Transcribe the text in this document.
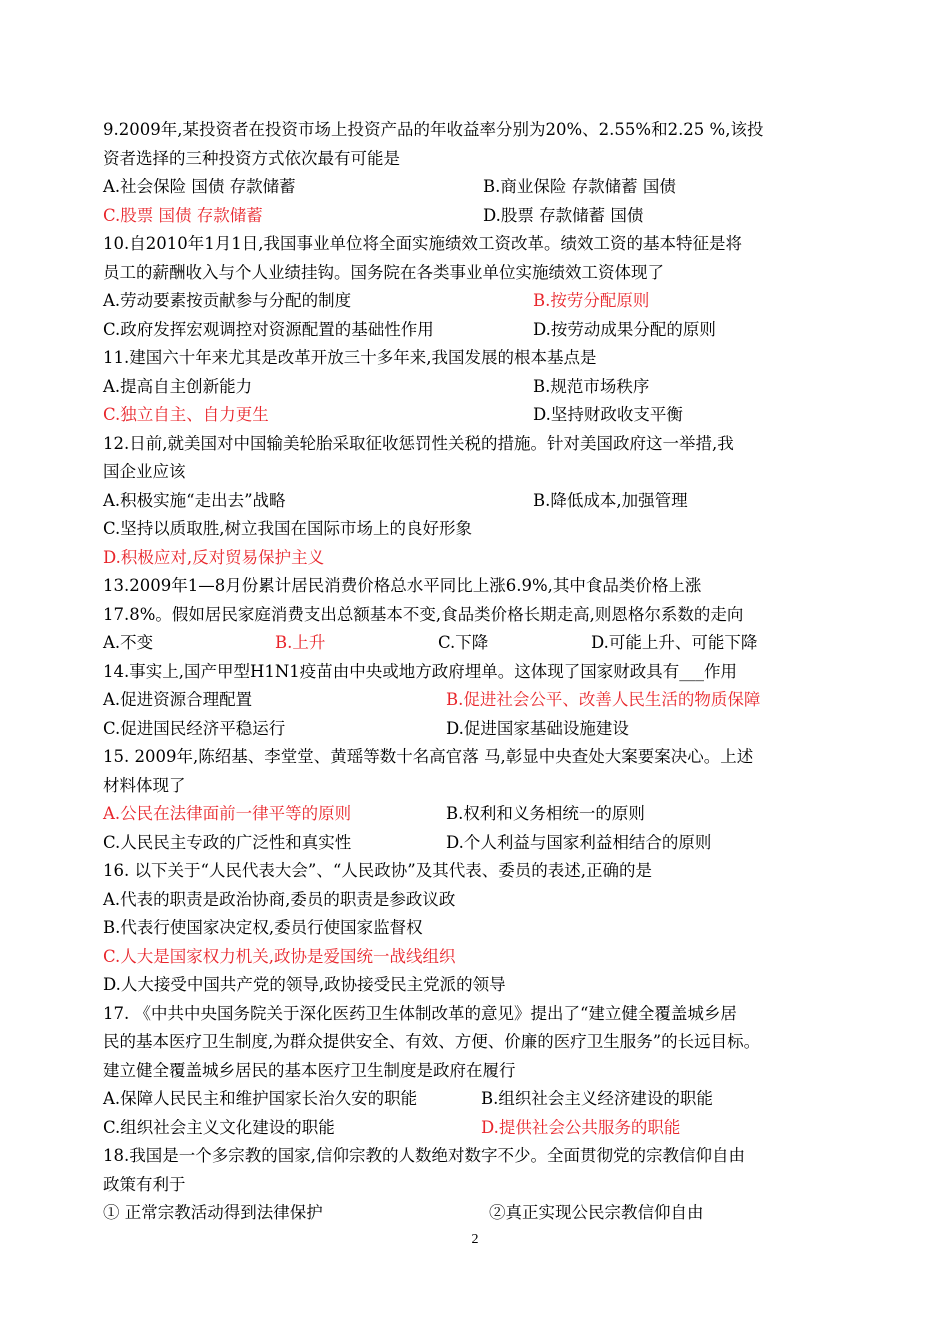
9.2009年,某投资者在投资市场上投资产品的年收益率分别为20%、2.55%和2.25 %,该投
资者选择的三种投资方式依次最有可能是
A.社会保险 国债 存款储蓄	B.商业保险 存款储蓄 国债
C.股票 国债 存款储蓄	D.股票 存款储蓄 国债
10.自2010年1月1日,我国事业单位将全面实施绩效工资改革。绩效工资的基本特征是将
员工的薪酬收入与个人业绩挂钩。国务院在各类事业单位实施绩效工资体现了
A.劳动要素按贡献参与分配的制度	B.按劳分配原则
C.政府发挥宏观调控对资源配置的基础性作用	D.按劳动成果分配的原则
11.建国六十年来尤其是改革开放三十多年来,我国发展的根本基点是
A.提高自主创新能力	B.规范市场秩序
C.独立自主、自力更生	D.坚持财政收支平衡
12.日前,就美国对中国输美轮胎采取征收惩罚性关税的措施。针对美国政府这一举措,我
国企业应该
A.积极实施“走出去”战略	B.降低成本,加强管理
C.坚持以质取胜,树立我国在国际市场上的良好形象
D.积极应对,反对贸易保护主义
13.2009年1—8月份累计居民消费价格总水平同比上涨6.9%,其中食品类价格上涨
17.8%。假如居民家庭消费支出总额基本不变,食品类价格长期走高,则恩格尔系数的走向
A.不变	B.上升	C.下降	D.可能上升、可能下降
14.事实上,国产甲型H1N1疫苗由中央或地方政府埋单。这体现了国家财政具有___作用
A.促进资源合理配置	B.促进社会公平、改善人民生活的物质保障
C.促进国民经济平稳运行	D.促进国家基础设施建设
15. 2009年,陈绍基、李堂堂、黄瑶等数十名高官落 马,彰显中央查处大案要案决心。上述
材料体现了
A.公民在法律面前一律平等的原则	B.权利和义务相统一的原则
C.人民民主专政的广泛性和真实性	D.个人利益与国家利益相结合的原则
16. 以下关于“人民代表大会”、“人民政协”及其代表、委员的表述,正确的是
A.代表的职责是政治协商,委员的职责是参政议政
B.代表行使国家决定权,委员行使国家监督权
C.人大是国家权力机关,政协是爱国统一战线组织
D.人大接受中国共产党的领导,政协接受民主党派的领导
17. 《中共中央国务院关于深化医药卫生体制改革的意见》提出了“建立健全覆盖城乡居
民的基本医疗卫生制度,为群众提供安全、有效、方便、价廉的医疗卫生服务”的长远目标。
建立健全覆盖城乡居民的基本医疗卫生制度是政府在履行
A.保障人民民主和维护国家长治久安的职能	B.组织社会主义经济建设的职能
C.组织社会主义文化建设的职能	D.提供社会公共服务的职能
18.我国是一个多宗教的国家,信仰宗教的人数绝对数字不少。全面贯彻党的宗教信仰自由
政策有利于
① 正常宗教活动得到法律保护	②真正实现公民宗教信仰自由
2
